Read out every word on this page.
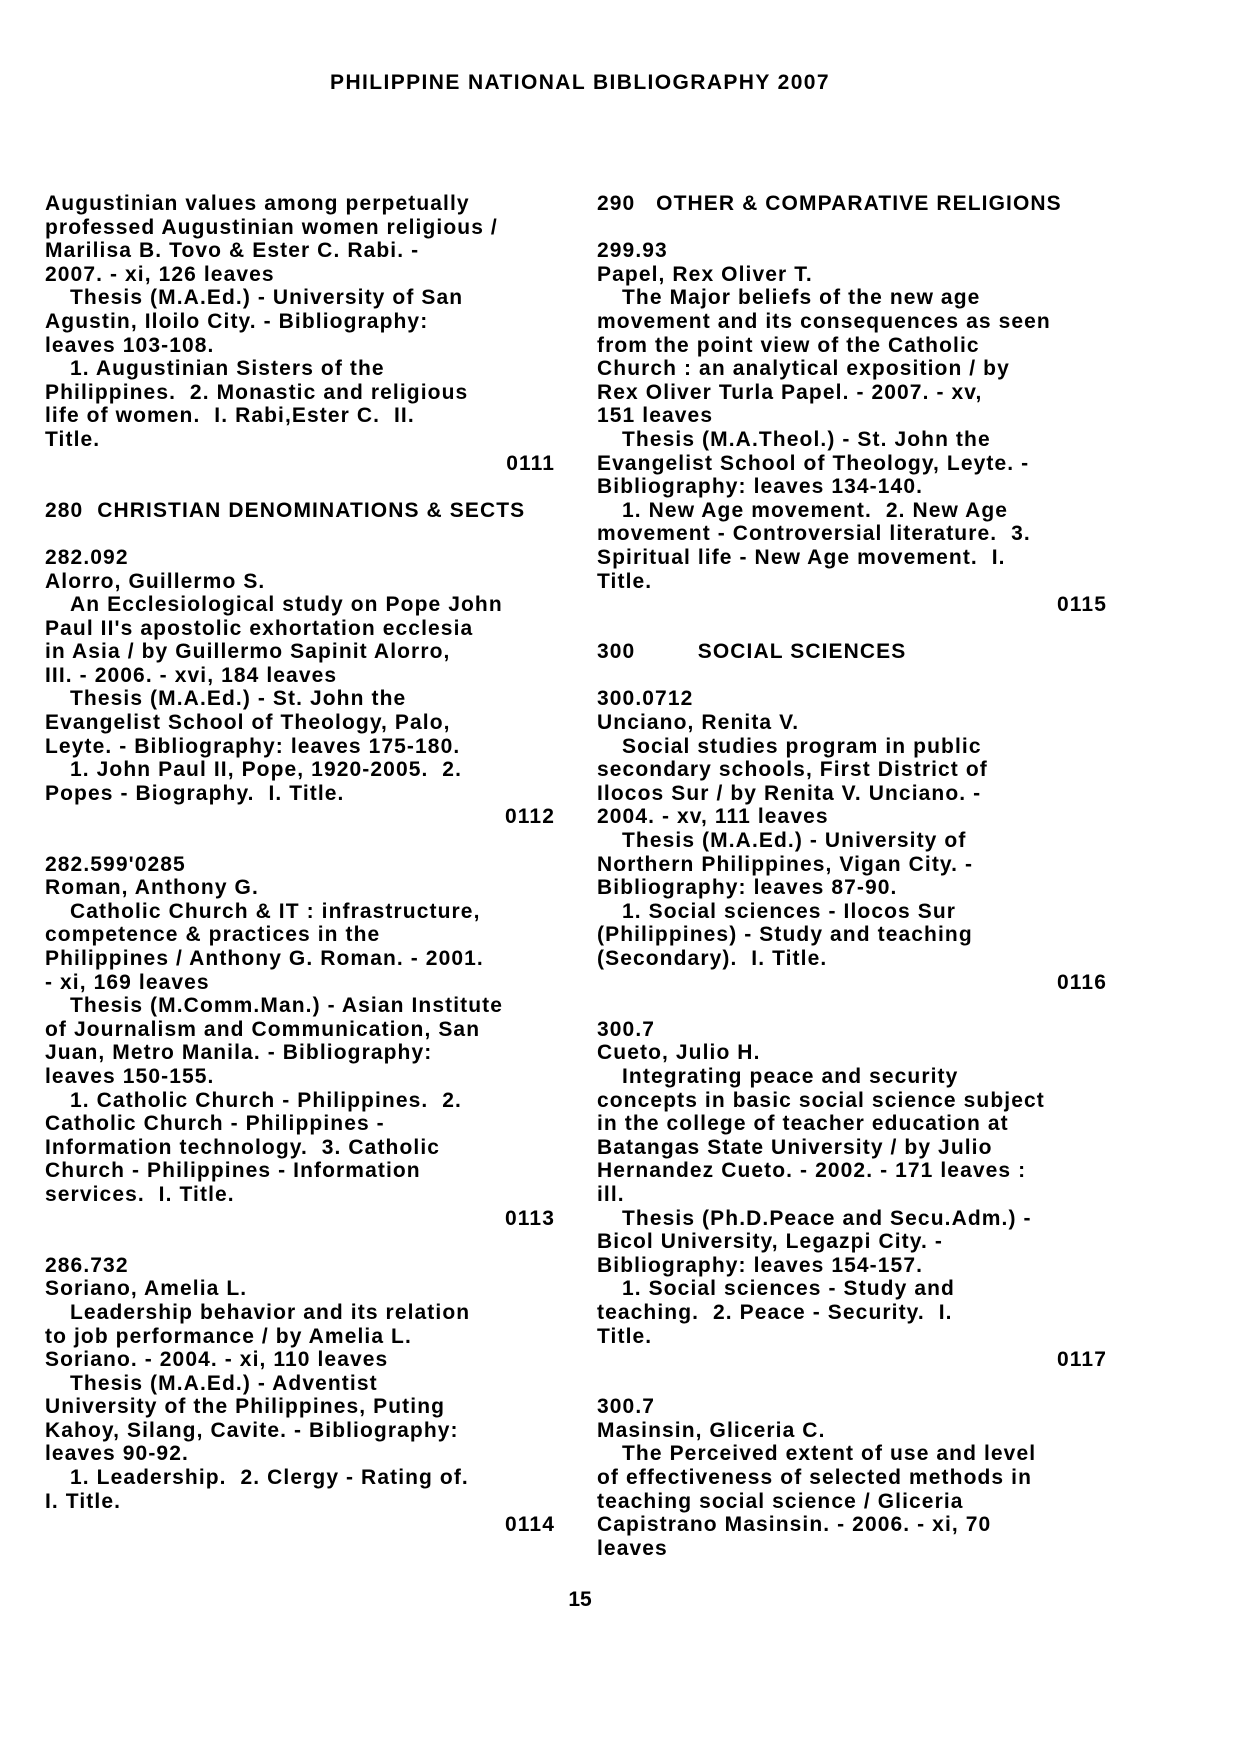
PHILIPPINE NATIONAL BIBLIOGRAPHY 2007
Augustinian values among perpetually
professed Augustinian women religious /
Marilisa B. Tovo & Ester C. Rabi. -
2007. - xi, 126 leaves
Thesis (M.A.Ed.) - University of San
Agustin, Iloilo City. - Bibliography:
leaves 103-108.
1. Augustinian Sisters of the
Philippines.  2. Monastic and religious
life of women.  I. Rabi,Ester C.  II.
Title.
0111
280  CHRISTIAN DENOMINATIONS & SECTS
282.092
Alorro, Guillermo S.
An Ecclesiological study on Pope John
Paul II's apostolic exhortation ecclesia
in Asia / by Guillermo Sapinit Alorro,
III. - 2006. - xvi, 184 leaves
Thesis (M.A.Ed.) - St. John the
Evangelist School of Theology, Palo,
Leyte. - Bibliography: leaves 175-180.
1. John Paul II, Pope, 1920-2005.  2.
Popes - Biography.  I. Title.
0112
282.599'0285
Roman, Anthony G.
Catholic Church & IT : infrastructure,
competence & practices in the
Philippines / Anthony G. Roman. - 2001.
- xi, 169 leaves
Thesis (M.Comm.Man.) - Asian Institute
of Journalism and Communication, San
Juan, Metro Manila. - Bibliography:
leaves 150-155.
1. Catholic Church - Philippines.  2.
Catholic Church - Philippines -
Information technology.  3. Catholic
Church - Philippines - Information
services.  I. Title.
0113
286.732
Soriano, Amelia L.
Leadership behavior and its relation
to job performance / by Amelia L.
Soriano. - 2004. - xi, 110 leaves
Thesis (M.A.Ed.) - Adventist
University of the Philippines, Puting
Kahoy, Silang, Cavite. - Bibliography:
leaves 90-92.
1. Leadership.  2. Clergy - Rating of.
I. Title.
0114
290   OTHER & COMPARATIVE RELIGIONS
299.93
Papel, Rex Oliver T.
The Major beliefs of the new age
movement and its consequences as seen
from the point view of the Catholic
Church : an analytical exposition / by
Rex Oliver Turla Papel. - 2007. - xv,
151 leaves
Thesis (M.A.Theol.) - St. John the
Evangelist School of Theology, Leyte. -
Bibliography: leaves 134-140.
1. New Age movement.  2. New Age
movement - Controversial literature.  3.
Spiritual life - New Age movement.  I.
Title.
0115
300         SOCIAL SCIENCES
300.0712
Unciano, Renita V.
Social studies program in public
secondary schools, First District of
Ilocos Sur / by Renita V. Unciano. -
2004. - xv, 111 leaves
Thesis (M.A.Ed.) - University of
Northern Philippines, Vigan City. -
Bibliography: leaves 87-90.
1. Social sciences - Ilocos Sur
(Philippines) - Study and teaching
(Secondary).  I. Title.
0116
300.7
Cueto, Julio H.
Integrating peace and security
concepts in basic social science subject
in the college of teacher education at
Batangas State University / by Julio
Hernandez Cueto. - 2002. - 171 leaves :
ill.
Thesis (Ph.D.Peace and Secu.Adm.) -
Bicol University, Legazpi City. -
Bibliography: leaves 154-157.
1. Social sciences - Study and
teaching.  2. Peace - Security.  I.
Title.
0117
300.7
Masinsin, Gliceria C.
The Perceived extent of use and level
of effectiveness of selected methods in
teaching social science / Gliceria
Capistrano Masinsin. - 2006. - xi, 70
leaves
15
